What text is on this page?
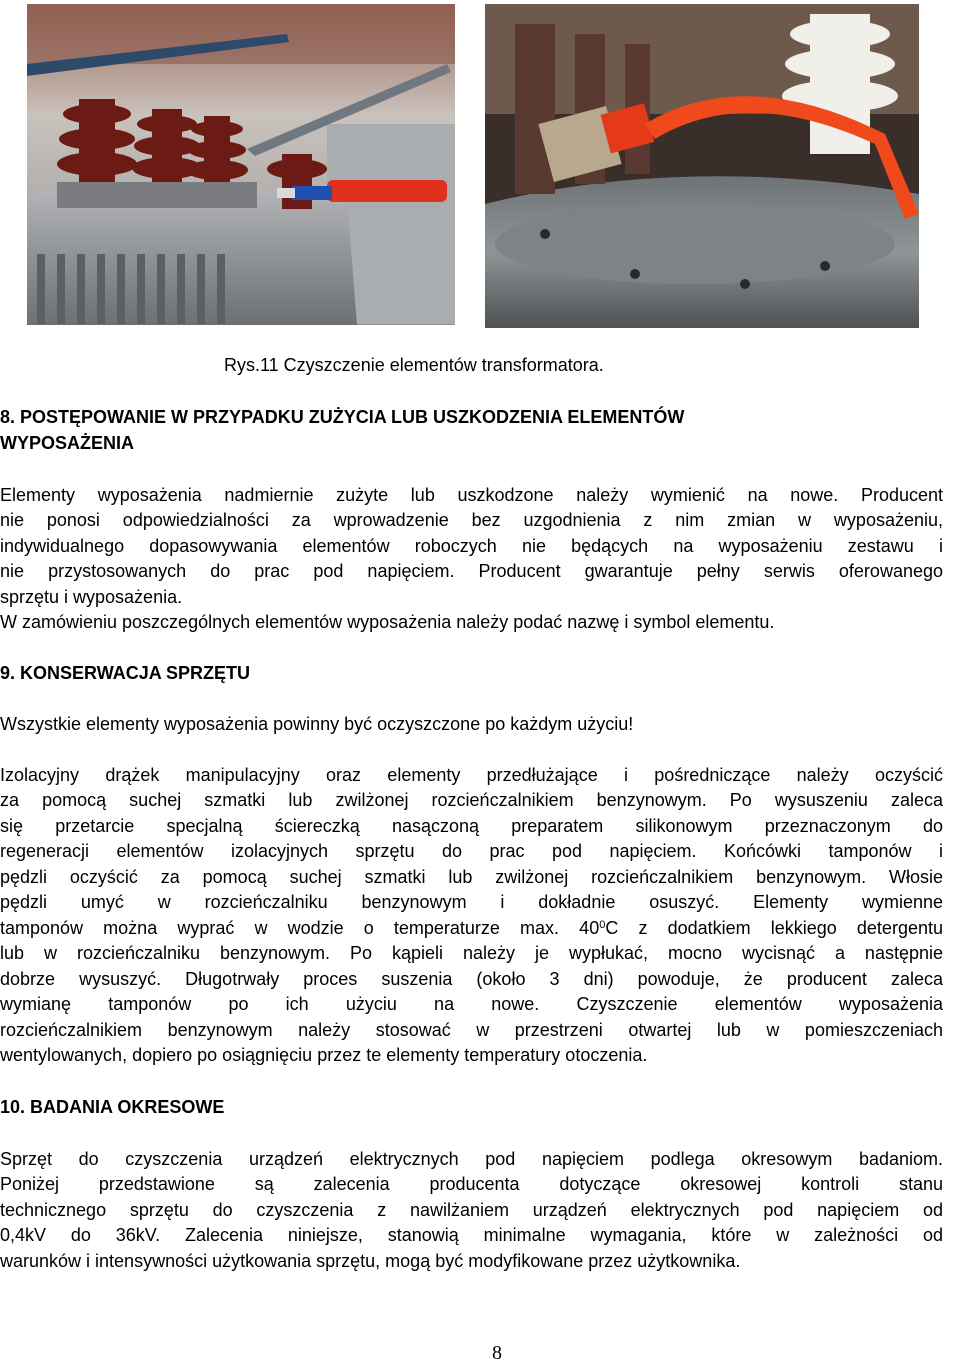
Rys.11 Czyszczenie elementów transformatora.
8. POSTĘPOWANIE W PRZYPADKU ZUŻYCIA LUB USZKODZENIA ELEMENTÓW
WYPOSAŻENIA
Elementy wyposażenia nadmiernie zużyte lub uszkodzone należy wymienić na nowe. Producent
nie ponosi odpowiedzialności za wprowadzenie bez uzgodnienia z nim zmian w wyposażeniu,
indywidualnego dopasowywania elementów roboczych nie będących na wyposażeniu zestawu i
nie przystosowanych do prac pod napięciem. Producent gwarantuje pełny serwis oferowanego
sprzętu i wyposażenia.
W zamówieniu poszczególnych elementów wyposażenia należy podać nazwę i symbol elementu.
9. KONSERWACJA SPRZĘTU
Wszystkie elementy wyposażenia powinny być oczyszczone po każdym użyciu!
Izolacyjny drążek manipulacyjny oraz elementy przedłużające i pośredniczące należy oczyścić
za pomocą suchej szmatki lub zwilżonej rozcieńczalnikiem benzynowym. Po wysuszeniu zaleca
się przetarcie specjalną ściereczką nasączoną preparatem silikonowym przeznaczonym do
regeneracji elementów izolacyjnych sprzętu do prac pod napięciem. Końcówki tamponów i
pędzli oczyścić za pomocą suchej szmatki lub zwilżonej rozcieńczalnikiem benzynowym. Włosie
pędzli umyć w rozcieńczalniku benzynowym i dokładnie osuszyć. Elementy wymienne
tamponów można wyprać w wodzie o temperaturze max. $40^0C$ z dodatkiem lekkiego detergentu
lub w rozcieńczalniku benzynowym. Po kąpieli należy je wypłukać, mocno wycisnąć a następnie
dobrze wysuszyć. Długotrwały proces suszenia (około 3 dni) powoduje, że producent zaleca
wymianę tamponów po ich użyciu na nowe. Czyszczenie elementów wyposażenia
rozcieńczalnikiem benzynowym należy stosować w przestrzeni otwartej lub w pomieszczeniach
wentylowanych, dopiero po osiągnięciu przez te elementy temperatury otoczenia.
10. BADANIA OKRESOWE
Sprzęt do czyszczenia urządzeń elektrycznych pod napięciem podlega okresowym badaniom.
Poniżej przedstawione są zalecenia producenta dotyczące okresowej kontroli stanu
technicznego sprzętu do czyszczenia z nawilżaniem urządzeń elektrycznych pod napięciem od
0,4kV do 36kV. Zalecenia niniejsze, stanowią minimalne wymagania, które w zależności od
warunków i intensywności użytkowania sprzętu, mogą być modyfikowane przez użytkownika.
8
